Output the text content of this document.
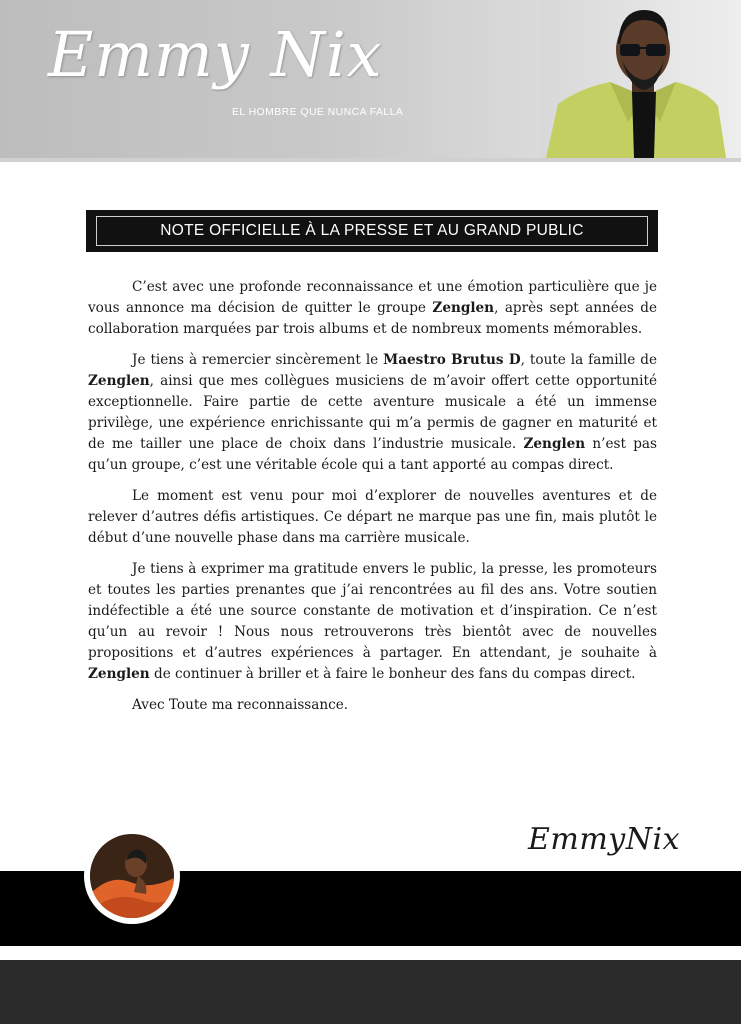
Emmy Nix
EL HOMBRE QUE NUNCA FALLA
NOTE OFFICIELLE À LA PRESSE ET AU GRAND PUBLIC

C’est avec une profonde reconnaissance et une émotion particulière que je vous annonce ma décision de quitter le groupe Zenglen, après sept années de collaboration marquées par trois albums et de nombreux moments mémorables.

Je tiens à remercier sincèrement le Maestro Brutus D, toute la famille de Zenglen, ainsi que mes collègues musiciens de m’avoir offert cette opportunité exceptionnelle. Faire partie de cette aventure musicale a été un immense privilège, une expérience enrichissante qui m’a permis de gagner en maturité et de me tailler une place de choix dans l’industrie musicale. Zenglen n’est pas qu’un groupe, c’est une véritable école qui a tant apporté au compas direct.

Le moment est venu pour moi d’explorer de nouvelles aventures et de relever d’autres défis artistiques. Ce départ ne marque pas une fin, mais plutôt le début d’une nouvelle phase dans ma carrière musicale.

Je tiens à exprimer ma gratitude envers le public, la presse, les promoteurs et toutes les parties prenantes que j’ai rencontrées au fil des ans. Votre soutien indéfectible a été une source constante de motivation et d’inspiration. Ce n’est qu’un au revoir ! Nous nous retrouverons très bientôt avec de nouvelles propositions et d’autres expériences à partager. En attendant, je souhaite à Zenglen de continuer à briller et à faire le bonheur des fans du compas direct.

Avec Toute ma reconnaissance.

EmmyNix
